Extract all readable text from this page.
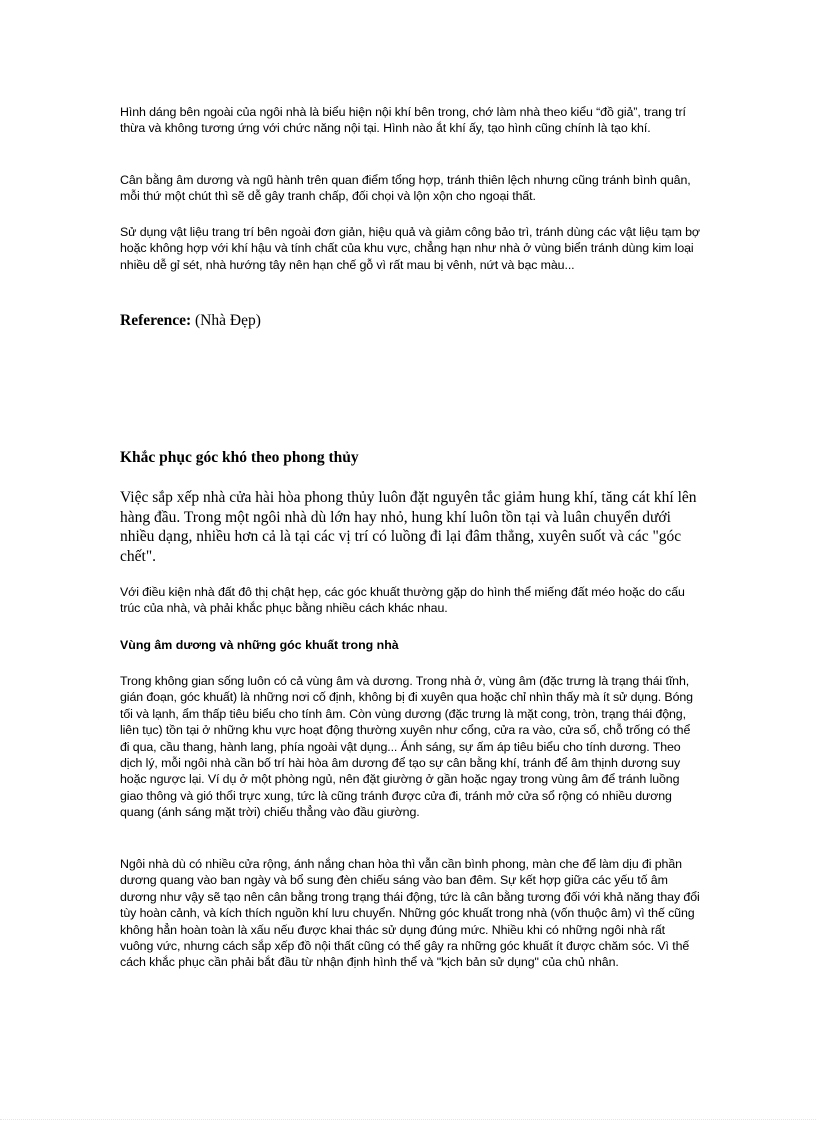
Hình dáng bên ngoài của ngôi nhà là biểu hiện nội khí bên trong, chớ làm nhà theo kiểu “đồ giả”, trang trí thừa và không tương ứng với chức năng nội tại. Hình nào ắt khí ấy, tạo hình cũng chính là tạo khí.

Cân bằng âm dương và ngũ hành trên quan điểm tổng hợp, tránh thiên lệch nhưng cũng tránh bình quân, mỗi thứ một chút thì sẽ dễ gây tranh chấp, đối chọi và lộn xộn cho ngoại thất.

Sử dụng vật liệu trang trí bên ngoài đơn giản, hiệu quả và giảm công bảo trì, tránh dùng các vật liệu tạm bợ hoặc không hợp với khí hậu và tính chất của khu vực, chẳng hạn như nhà ở vùng biển tránh dùng kim loại nhiều dễ gỉ sét, nhà hướng tây nên hạn chế gỗ vì rất mau bị vênh, nứt và bạc màu...

Reference: (Nhà Đẹp)

Khắc phục góc khó theo phong thủy

Việc sắp xếp nhà cửa hài hòa phong thủy luôn đặt nguyên tắc giảm hung khí, tăng cát khí lên hàng đầu. Trong một ngôi nhà dù lớn hay nhỏ, hung khí luôn tồn tại và luân chuyển dưới nhiều dạng, nhiều hơn cả là tại các vị trí có luồng đi lại đâm thẳng, xuyên suốt và các "góc chết".

Với điều kiện nhà đất đô thị chật hẹp, các góc khuất thường gặp do hình thể miếng đất méo hoặc do cấu trúc của nhà, và phải khắc phục bằng nhiều cách khác nhau.

Vùng âm dương và những góc khuất trong nhà

Trong không gian sống luôn có cả vùng âm và dương. Trong nhà ở, vùng âm (đặc trưng là trạng thái tĩnh, gián đoạn, góc khuất) là những nơi cố định, không bị đi xuyên qua hoặc chỉ nhìn thấy mà ít sử dụng. Bóng tối và lạnh, ẩm thấp tiêu biểu cho tính âm. Còn vùng dương (đặc trưng là mặt cong, tròn, trạng thái động, liên tục) tồn tại ở những khu vực hoạt động thường xuyên như cổng, cửa ra vào, cửa sổ, chỗ trống có thể đi qua, cầu thang, hành lang, phía ngoài vật dụng... Ánh sáng, sự ấm áp tiêu biểu cho tính dương. Theo dịch lý, mỗi ngôi nhà cần bố trí hài hòa âm dương để tạo sự cân bằng khí, tránh để âm thịnh dương suy hoặc ngược lại. Ví dụ ở một phòng ngủ, nên đặt giường ở gần hoặc ngay trong vùng âm để tránh luồng giao thông và gió thổi trực xung, tức là cũng tránh được cửa đi, tránh mở cửa sổ rộng có nhiều dương quang (ánh sáng mặt trời) chiếu thẳng vào đầu giường.

Ngôi nhà dù có nhiều cửa rộng, ánh nắng chan hòa thì vẫn cần bình phong, màn che để làm dịu đi phần dương quang vào ban ngày và bổ sung đèn chiếu sáng vào ban đêm. Sự kết hợp giữa các yếu tố âm dương như vậy sẽ tạo nên cân bằng trong trạng thái động, tức là cân bằng tương đối với khả năng thay đổi tùy hoàn cảnh, và kích thích nguồn khí lưu chuyển. Những góc khuất trong nhà (vốn thuộc âm) vì thế cũng không hẳn hoàn toàn là xấu nếu được khai thác sử dụng đúng mức. Nhiều khi có những ngôi nhà rất vuông vức, nhưng cách sắp xếp đồ nội thất cũng có thể gây ra những góc khuất ít được chăm sóc. Vì thế cách khắc phục cần phải bắt đầu từ nhận định hình thể và "kịch bản sử dụng" của chủ nhân.
